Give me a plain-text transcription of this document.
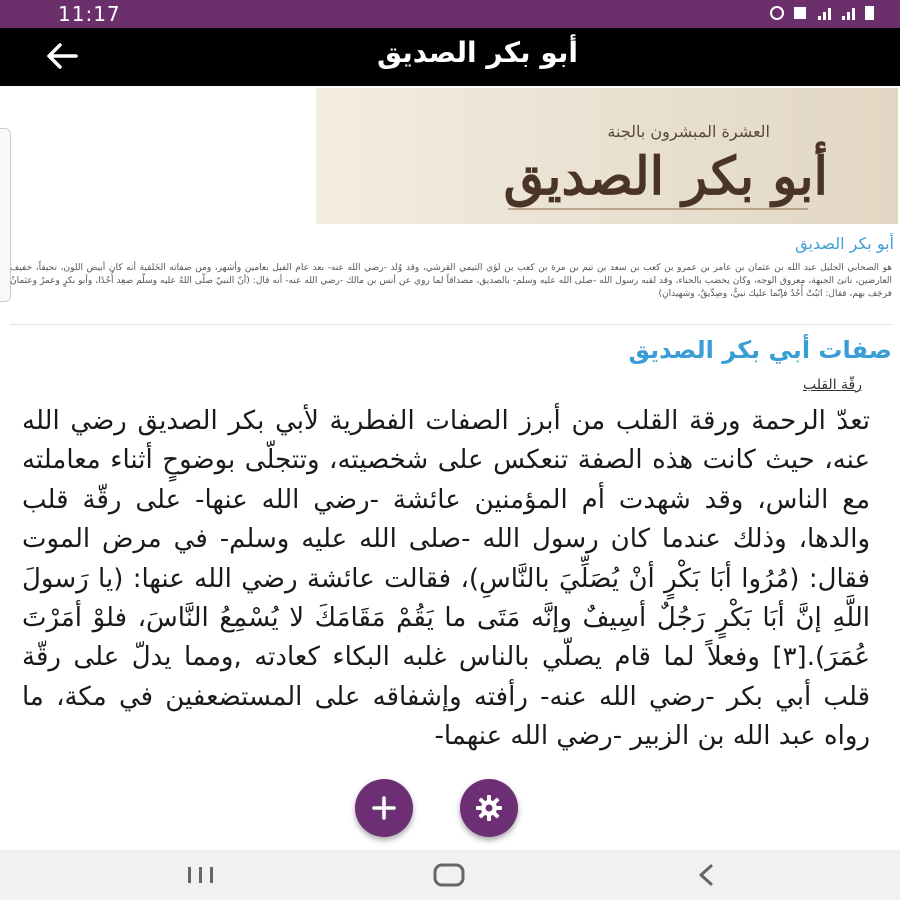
11:17
أبو بكر الصديق
العشرة المبشرون بالجنة
أبو بكر الصديق
أبو بكر الصديق
هو الصحابي الجليل عبد الله بن عثمان بن عامر بن عمرو بن كعب بن سعد بن تيم بن مرة بن كعب بن لؤي التيمي القرشي، وقد وُلد -رضي الله عنه- بعد عام الفيل بعامين وأشهر، ومن صفاته الخَلقية أنه كان أبيض اللون، نحيفاً، خفيف العارضين، ناتئ الجبهة، معروق الوجه، وكان يخضب بالحناء، وقد لقبه رسول الله -صلى الله عليه وسلم- بالصديق، مصداقاً لما روي عن أنس بن مالك -رضي الله عنه- أنه قال: (أنّ النبيّ صلّى اللهُ عليه وسلّم صعِد أُحُدًا، وأبو بكرٍ وعمرُ وعثمانُ فرجَف بهم، فقال: اثبُتْ أُحُدُ فإنّما عليك نبيٌّ، وصِدِّيقٌ، وشهيدانِ)
صفات أبي بكر الصديق
رقّة القلب
تعدّ الرحمة ورقة القلب من أبرز الصفات الفطرية لأبي بكر الصديق رضي الله عنه، حيث كانت هذه الصفة تنعكس على شخصيته، وتتجلّى بوضوحٍ أثناء معاملته مع الناس، وقد شهدت أم المؤمنين عائشة -رضي الله عنها- على رقّة قلب والدها، وذلك عندما كان رسول الله -صلى الله عليه وسلم- في مرض الموت فقال: (مُرُوا أبَا بَكْرٍ أنْ يُصَلِّيَ بالنَّاسِ)، فقالت عائشة رضي الله عنها: (يا رَسولَ اللَّهِ إنَّ أبَا بَكْرٍ رَجُلٌ أسِيفٌ وإنَّه مَتَى ما يَقُمْ مَقَامَكَ لا يُسْمِعُ النَّاسَ، فلوْ أمَرْتَ عُمَرَ).[٣] وفعلاً لما قام يصلّي بالناس غلبه البكاء كعادته ,ومما يدلّ على رقّة قلب أبي بكر -رضي الله عنه- رأفته وإشفاقه على المستضعفين في مكة، ما رواه عبد الله بن الزبير -رضي الله عنهما-
